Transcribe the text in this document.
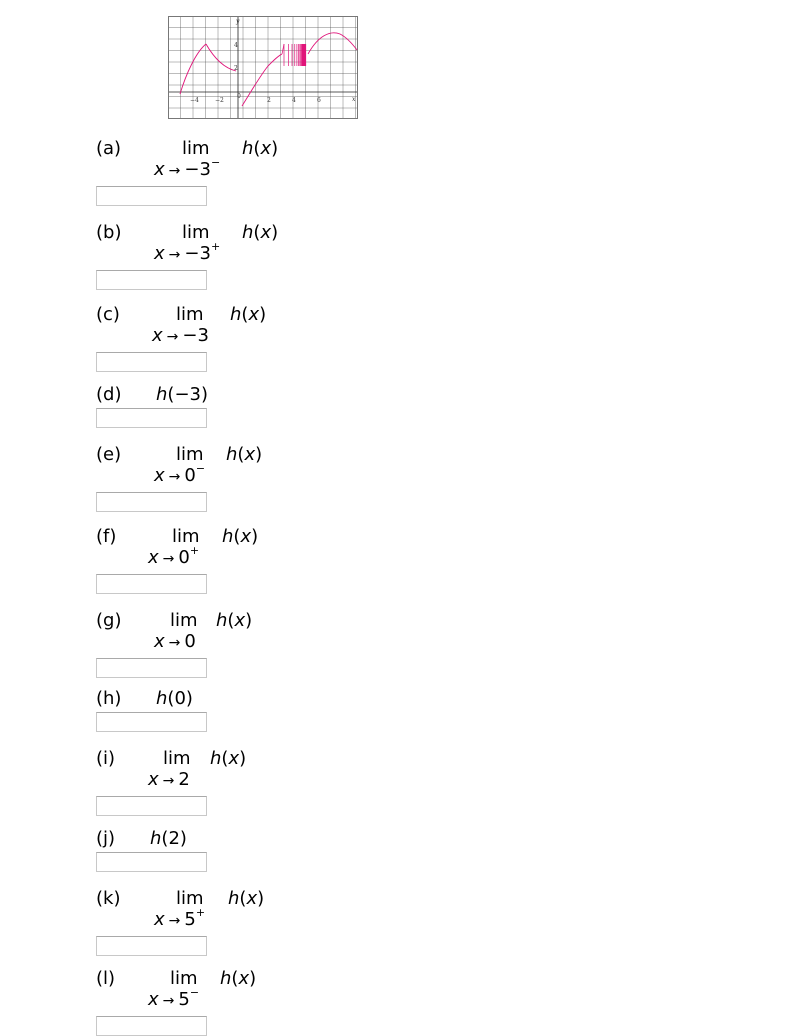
−4	−2
0
2	4	6
4
2
y
x
(a)	lim
x → −3−
h(x)
(b)	lim
x → −3+
h(x)
(c)	lim
x → −3
h(x)
(d) h(−3)
(e)	lim
x → 0−
h(x)
(f)	lim
x → 0+
h(x)
(g)	lim
x → 0
h(x)
(h) h(0)
(i)	lim
x → 2
h(x)
(j) h(2)
(k)	lim
x → 5+
h(x)
(l)	lim
x → 5−
h(x)
